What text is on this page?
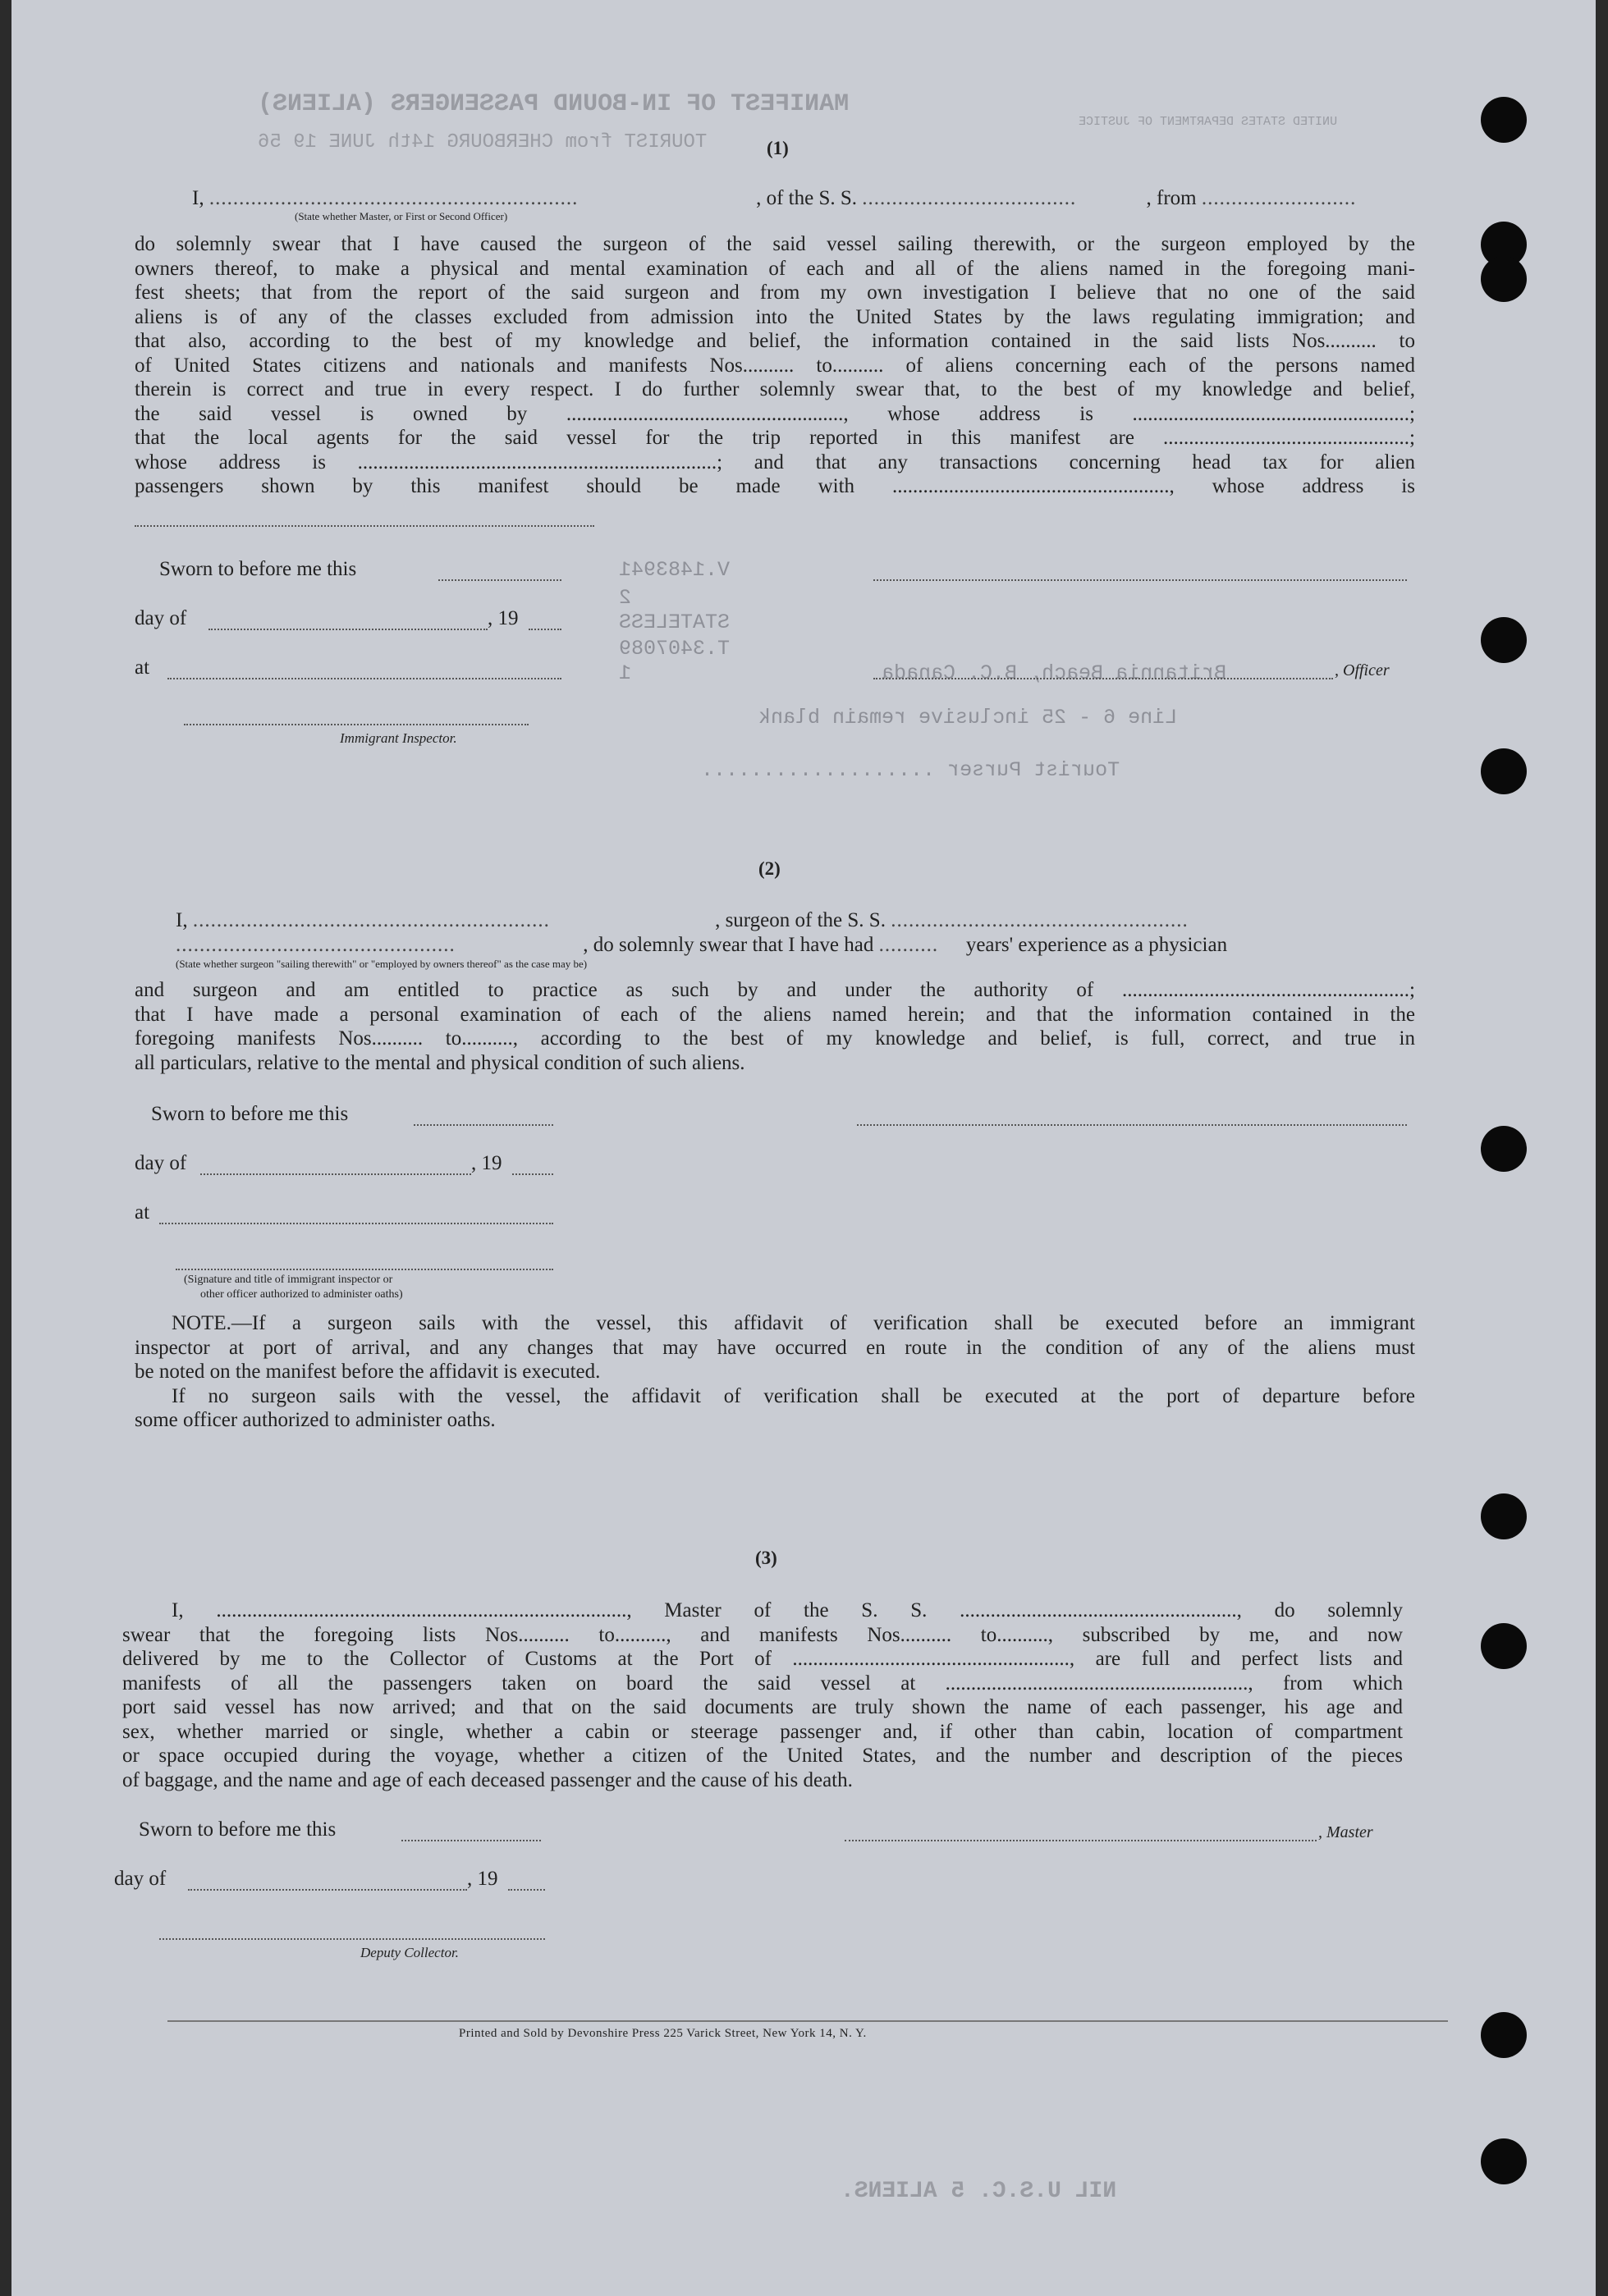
MANIFEST OF IN-BOUND PASSENGERS (ALIENS)
TOURIST from CHERBOURG 14th JUNE 19 56
UNITED STATES DEPARTMENT OF JUSTICE
V.1483941
2
STATELESS
T.3407089
1	Britannia Beach, B.C. Canada
Line 6 - 25 inclusive remain blank
Tourist Purser ...................
(1)
I, ..............................................................	, of the S. S. ....................................	, from ..........................
(State whether Master, or First or Second Officer)
do solemnly swear that I have caused the surgeon of the said vessel sailing therewith, or the surgeon employed by the
owners thereof, to make a physical and mental examination of each and all of the aliens named in the foregoing mani-
fest sheets; that from the report of the said surgeon and from my own investigation I believe that no one of the said
aliens is of any of the classes excluded from admission into the United States by the laws regulating immigration; and
that also, according to the best of my knowledge and belief, the information contained in the said lists Nos.......... to
of United States citizens and nationals and manifests Nos.......... to.......... of aliens concerning each of the persons named
therein is correct and true in every respect. I do further solemnly swear that, to the best of my knowledge and belief,
the said vessel is owned by ......................................................, whose address is ......................................................;
that the local agents for the said vessel for the trip reported in this manifest are ................................................;
whose address is ......................................................................; and that any transactions concerning head tax for alien
passengers shown by this manifest should be made with ......................................................, whose address is
Sworn to before me this
day of	, 19
at	, Officer
Immigrant Inspector.
(2)
I, ............................................................	, surgeon of the S. S. ..................................................
...............................................	, do solemnly swear that I have had .......... years' experience as a physician
(State whether surgeon "sailing therewith" or "employed by owners thereof" as the case may be)
and surgeon and am entitled to practice as such by and under the authority of ........................................................;
that I have made a personal examination of each of the aliens named herein; and that the information contained in the
foregoing manifests Nos.......... to.........., according to the best of my knowledge and belief, is full, correct, and true in
all particulars, relative to the mental and physical condition of such aliens.
Sworn to before me this
day of	, 19
at
(Signature and title of immigrant inspector or
other officer authorized to administer oaths)
NOTE.—If a surgeon sails with the vessel, this affidavit of verification shall be executed before an immigrant
inspector at port of arrival, and any changes that may have occurred en route in the condition of any of the aliens must
be noted on the manifest before the affidavit is executed.
If no surgeon sails with the vessel, the affidavit of verification shall be executed at the port of departure before
some officer authorized to administer oaths.
(3)
I, ................................................................................, Master of the S. S. ......................................................, do solemnly
swear that the foregoing lists Nos.......... to.........., and manifests Nos.......... to.........., subscribed by me, and now
delivered by me to the Collector of Customs at the Port of ......................................................, are full and perfect lists and
manifests of all the passengers taken on board the said vessel at ..........................................................., from which
port said vessel has now arrived; and that on the said documents are truly shown the name of each passenger, his age and
sex, whether married or single, whether a cabin or steerage passenger and, if other than cabin, location of compartment
or space occupied during the voyage, whether a citizen of the United States, and the number and description of the pieces
of baggage, and the name and age of each deceased passenger and the cause of his death.
Sworn to before me this	, Master
day of	, 19
Deputy Collector.
Printed and Sold by Devonshire Press 225 Varick Street, New York 14, N. Y.
NIL U.S.C. 5 ALIENS.
